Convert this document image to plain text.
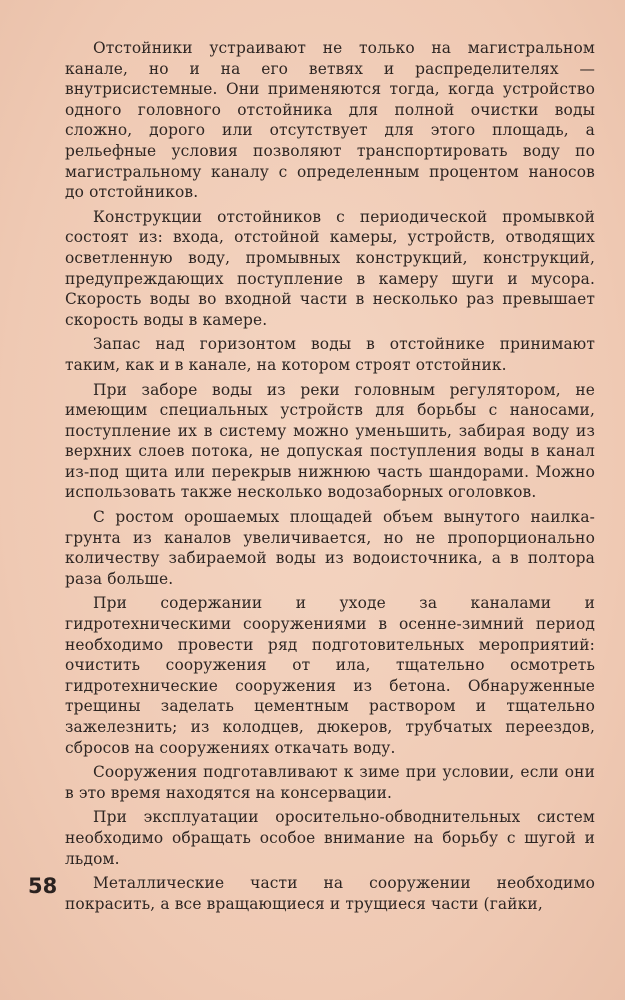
Отстойники устраивают не только на магистральном канале, но и на его ветвях и распределителях — внутрисистемные. Они применяются тогда, когда устройство одного головного отстойника для полной очистки воды сложно, дорого или отсутствует для этого площадь, а рельефные условия позволяют транспортировать воду по магистральному каналу с определенным процентом наносов до отстойников.

Конструкции отстойников с периодической промывкой состоят из: входа, отстойной камеры, устройств, отводящих осветленную воду, промывных конструкций, конструкций, предупреждающих поступление в камеру шуги и мусора. Скорость воды во входной части в несколько раз превышает скорость воды в камере.

Запас над горизонтом воды в отстойнике принимают таким, как и в канале, на котором строят отстойник.

При заборе воды из реки головным регулятором, не имеющим специальных устройств для борьбы с наносами, поступление их в систему можно уменьшить, забирая воду из верхних слоев потока, не допуская поступления воды в канал из-под щита или перекрыв нижнюю часть шандорами. Можно использовать также несколько водозаборных оголовков.

С ростом орошаемых площадей объем вынутого наилка-грунта из каналов увеличивается, но не пропорционально количеству забираемой воды из водоисточника, а в полтора раза больше.

При содержании и уходе за каналами и гидротехническими сооружениями в осенне-зимний период необходимо провести ряд подготовительных мероприятий: очистить сооружения от ила, тщательно осмотреть гидротехнические сооружения из бетона. Обнаруженные трещины заделать цементным раствором и тщательно зажелезнить; из колодцев, дюкеров, трубчатых переездов, сбросов на сооружениях откачать воду.

Сооружения подготавливают к зиме при условии, если они в это время находятся на консервации.

При эксплуатации оросительно-обводнительных систем необходимо обращать особое внимание на борьбу с шугой и льдом.

Металлические части на сооружении необходимо покрасить, а все вращающиеся и трущиеся части (гайки,

58
